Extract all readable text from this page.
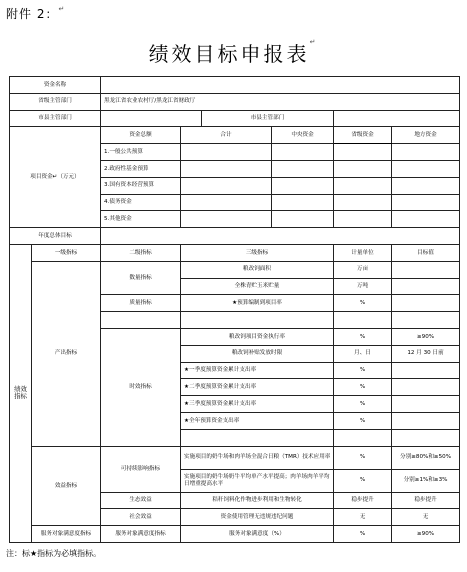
附件 2：↵
绩效目标申报表↵
资金名称							
省级主管部门		黑龙江省农业农村厅/黑龙江省财政厅					
市县主管部门				市县主管部门			
项目资金↵（万元）		资金总额	合计		中央资金	省级资金	地方资金
		1.一般公共预算					
		2.政府性基金预算					
		3.国有资本经营预算					
		4.债务资金					
		5.其他资金					
年度总体目标							
绩效指标	一级指标	二级指标	三级指标			计量单位	目标值
	产出指标	数量指标	粮改饲面积			万亩	
			全株青贮玉米贮量			万吨	
		质量指标	★预算编制到项目率			%	

		时效指标	粮改饲项目资金执行率			%	≥90%
			粮改饲补贴发放时限			月、日	12 月 30 日前
			★一季度预算资金累计支出率			%	
			★二季度预算资金累计支出率			%	
			★三季度预算资金累计支出率			%	
			★全年预算资金支出率			%	

	效益指标	可持续影响指标	实施项目的奶牛场和肉羊场全混合日粮（TMR）技术应用率			%	分别≥80%和≥50%
			实施项目的奶牛场奶牛平均单产水平提高；肉羊场肉羊平均日增重提高水平			%	分别≥1%和≥3%
		生态效益	秸秆饲料化作物进步利用和生物转化			稳步提升	稳步提升
		社会效益	资金使用管理无违规违纪问题			无	无
	服务对象满意度指标	服务对象满意度指标	服务对象满意度（%）			%	≥90%
注：标★指标为必填指标。
